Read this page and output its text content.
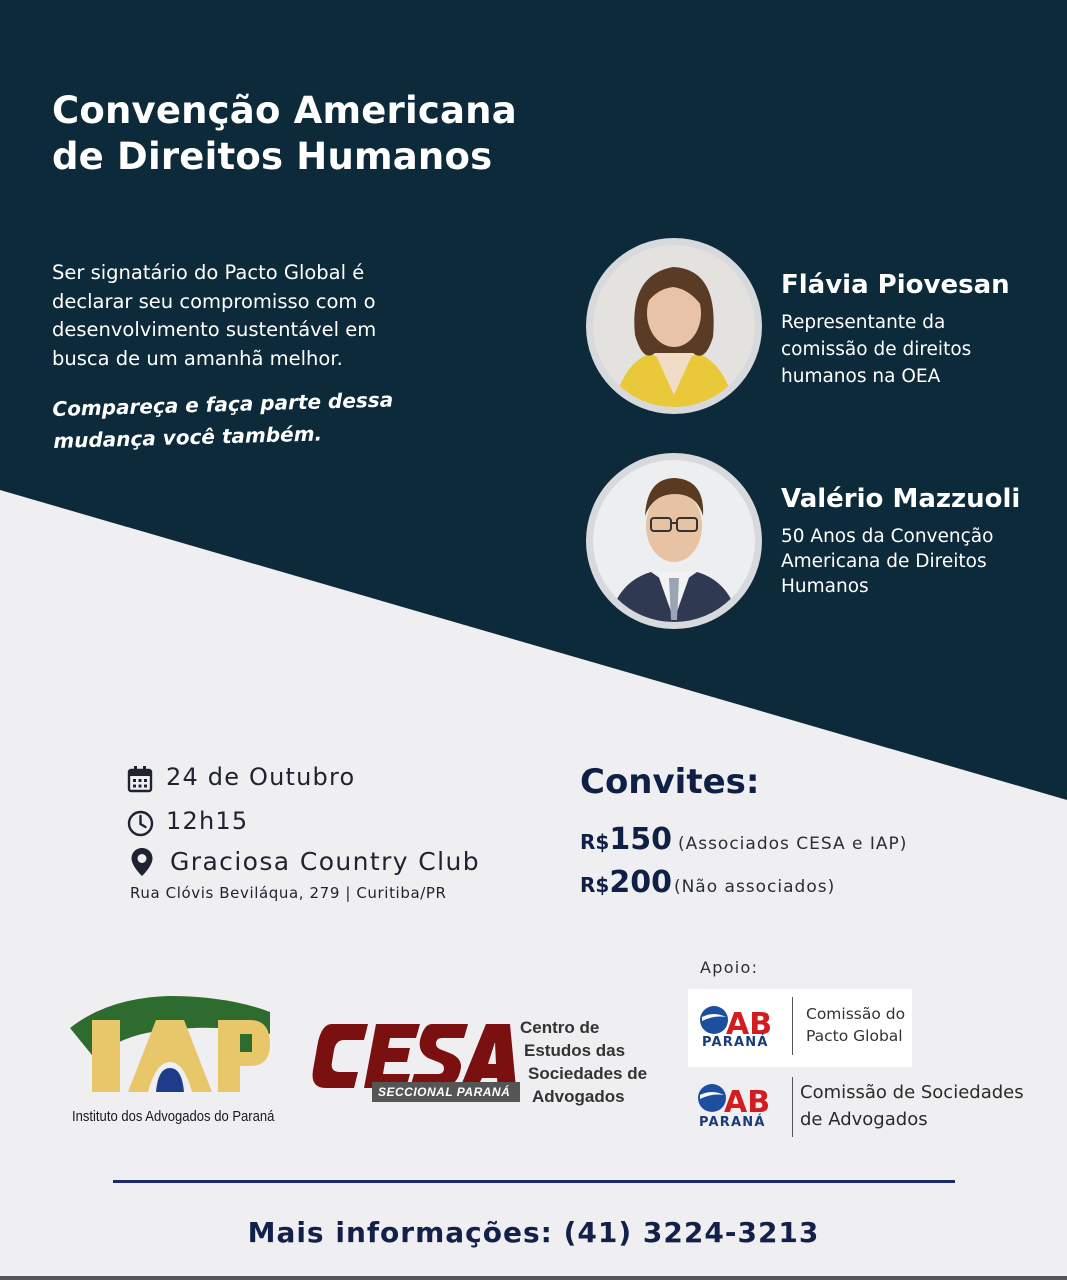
Convenção Americana
de Direitos Humanos
Ser signatário do Pacto Global é
declarar seu compromisso com o
desenvolvimento sustentável em
busca de um amanhã melhor.
Compareça e faça parte dessa
mudança você também.
Flávia Piovesan
Representante da
comissão de direitos
humanos na OEA
Valério Mazzuoli
50 Anos da Convenção
Americana de Direitos
Humanos
24 de Outubro
12h15
Graciosa Country Club
Rua Clóvis Beviláqua, 279 | Curitiba/PR
Convites:
R$150 (Associados CESA e IAP)
R$200 (Não associados)
Instituto dos Advogados do Paraná
SECCIONAL PARANÁ
Centro de
Estudos das
Sociedades de
Advogados
Apoio:
AB
PARANÁ
Comissão do
Pacto Global
AB
PARANÁ
Comissão de Sociedades
de Advogados
Mais informações: (41) 3224-3213
